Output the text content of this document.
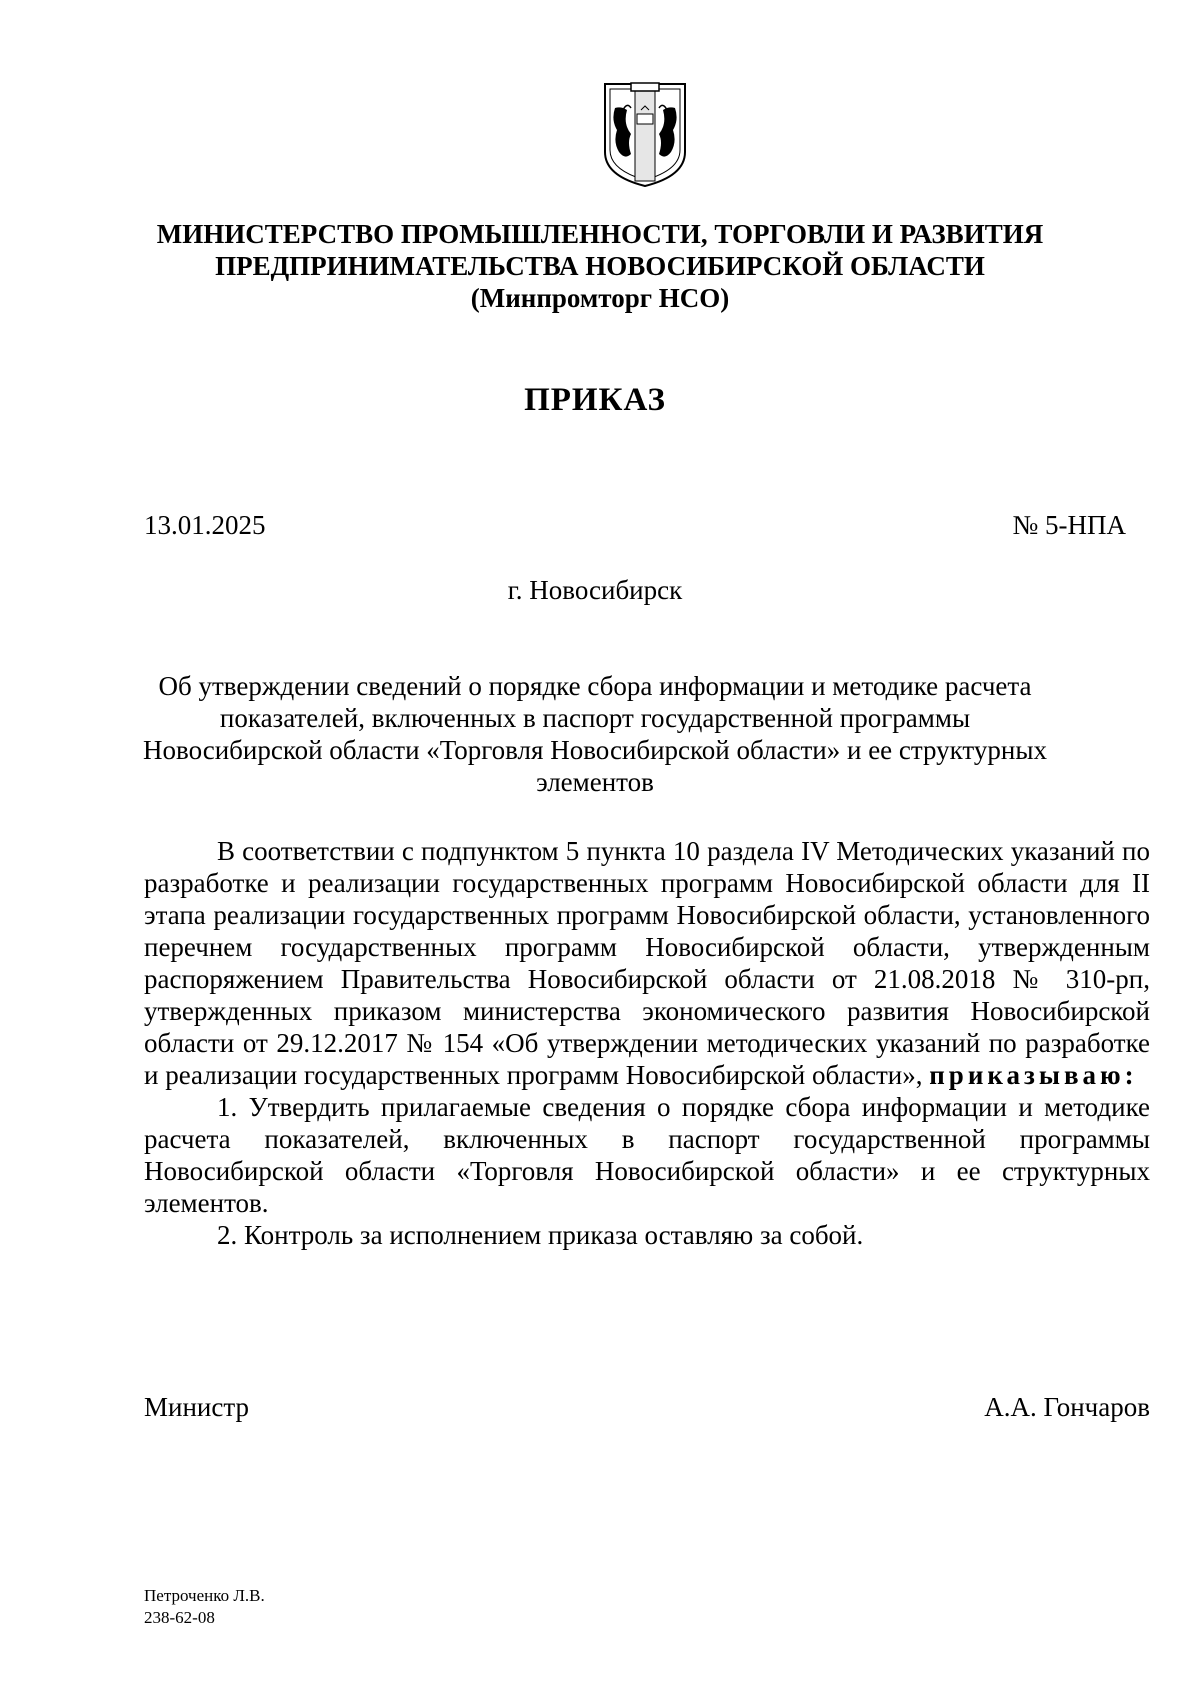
МИНИСТЕРСТВО ПРОМЫШЛЕННОСТИ, ТОРГОВЛИ И РАЗВИТИЯ
ПРЕДПРИНИМАТЕЛЬСТВА НОВОСИБИРСКОЙ ОБЛАСТИ
(Минпромторг НСО)
ПРИКАЗ
13.01.2025	№ 5-НПА
г. Новосибирск
Об утверждении сведений о порядке сбора информации и методике расчета показателей, включенных в паспорт государственной программы Новосибирской области «Торговля Новосибирской области» и ее структурных элементов

В соответствии с подпунктом 5 пункта 10 раздела IV Методических указаний по разработке и реализации государственных программ Новосибирской области для II этапа реализации государственных программ Новосибирской области, установленного перечнем государственных программ Новосибирской области, утвержденным распоряжением Правительства Новосибирской области от 21.08.2018 № 310-рп, утвержденных приказом министерства экономического развития Новосибирской области от 29.12.2017 № 154 «Об утверждении методических указаний по разработке и реализации государственных программ Новосибирской области», приказываю:

1. Утвердить прилагаемые сведения о порядке сбора информации и методике расчета показателей, включенных в паспорт государственной программы Новосибирской области «Торговля Новосибирской области» и ее структурных элементов.

2. Контроль за исполнением приказа оставляю за собой.

Министр	А.А. Гончаров
Петроченко Л.В.
238-62-08
